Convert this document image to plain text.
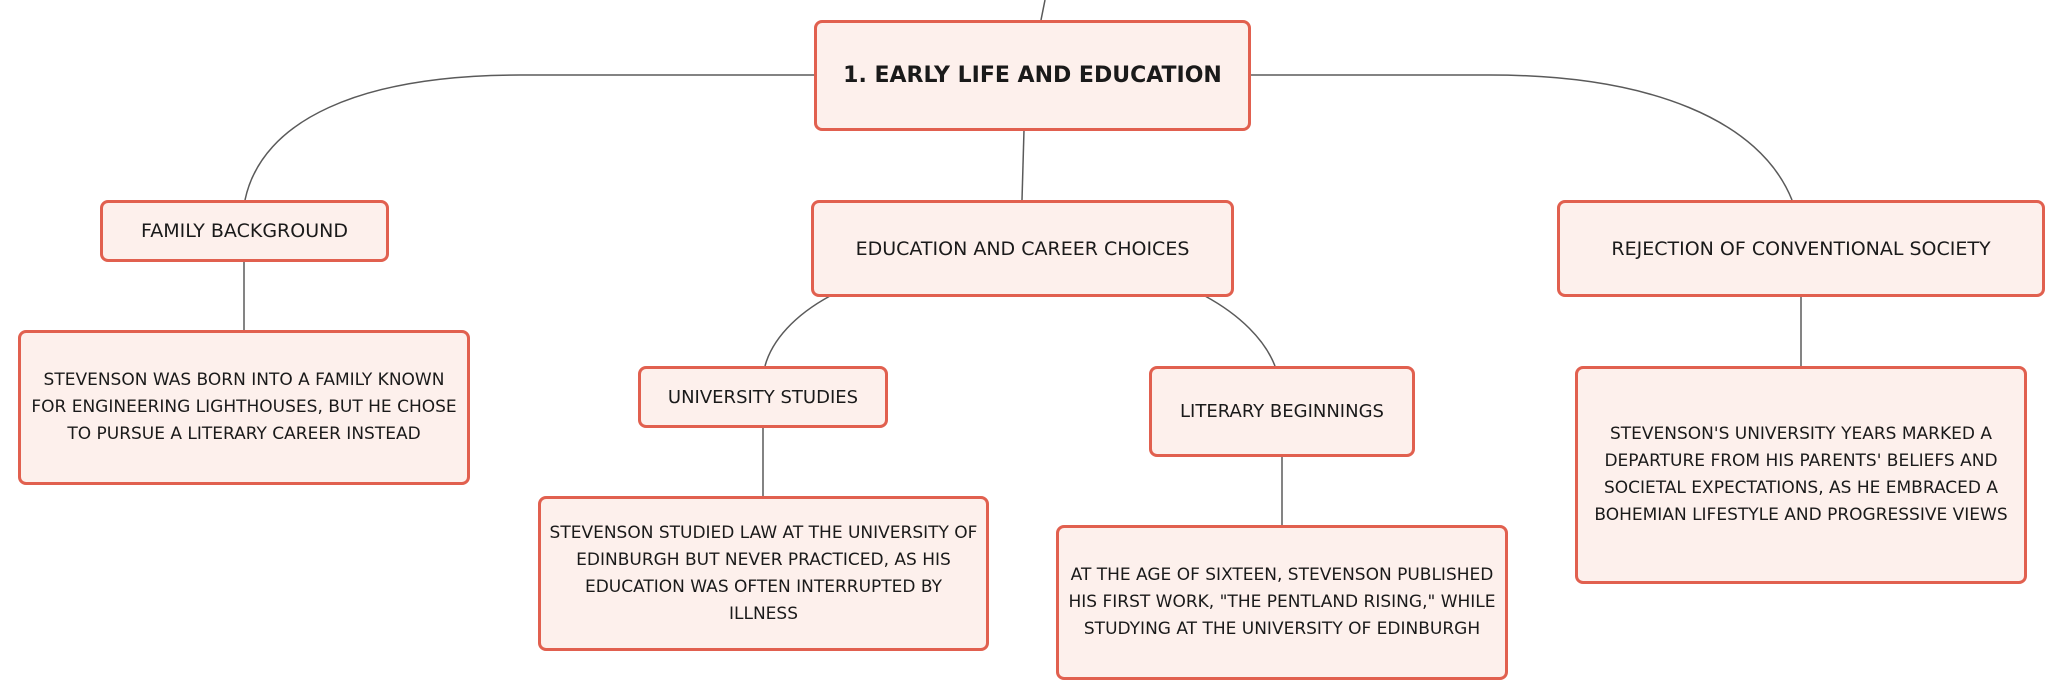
1. EARLY LIFE AND EDUCATION
FAMILY BACKGROUND
STEVENSON WAS BORN INTO A FAMILY KNOWN FOR ENGINEERING LIGHTHOUSES, BUT HE CHOSE TO PURSUE A LITERARY CAREER INSTEAD
EDUCATION AND CAREER CHOICES
UNIVERSITY STUDIES
STEVENSON STUDIED LAW AT THE UNIVERSITY OF EDINBURGH BUT NEVER PRACTICED, AS HIS EDUCATION WAS OFTEN INTERRUPTED BY ILLNESS
LITERARY BEGINNINGS
AT THE AGE OF SIXTEEN, STEVENSON PUBLISHED HIS FIRST WORK, "THE PENTLAND RISING," WHILE STUDYING AT THE UNIVERSITY OF EDINBURGH
REJECTION OF CONVENTIONAL SOCIETY
STEVENSON'S UNIVERSITY YEARS MARKED A DEPARTURE FROM HIS PARENTS' BELIEFS AND SOCIETAL EXPECTATIONS, AS HE EMBRACED A BOHEMIAN LIFESTYLE AND PROGRESSIVE VIEWS
